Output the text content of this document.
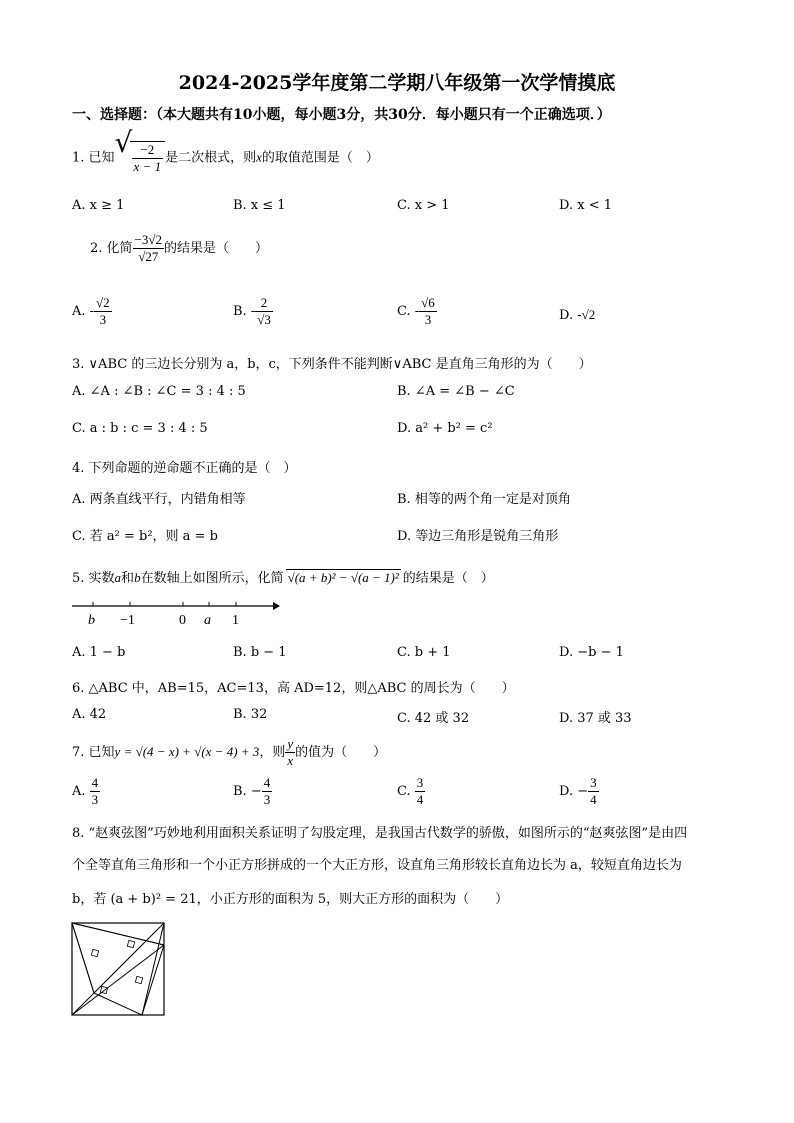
2024-2025学年度第二学期八年级第一次学情摸底
一、选择题：（本大题共有10小题，每小题3分，共30分．每小题只有一个正确选项．）
1. 已知 √ $\frac{-2}{x - 1}$ 是二次根式，则x的取值范围是（　）
A. x ≥ 1	B. x ≤ 1	C. x > 1	D. x < 1
2. 化简 $\frac{-3√2}{√27}$ 的结果是（　　）
A. - $\frac{√2}{3}$	B. - $\frac{2}{√3}$	C. - $\frac{√6}{3}$	D. -√2
3. ∨ABC 的三边长分别为 a，b，c，下列条件不能判断∨ABC 是直角三角形的为（　　）
A. ∠A : ∠B : ∠C = 3 : 4 : 5	B. ∠A = ∠B − ∠C
C. a : b : c = 3 : 4 : 5	D. a² + b² = c²
4. 下列命题的逆命题不正确的是（　）
A. 两条直线平行，内错角相等	B. 相等的两个角一定是对顶角
C. 若 a² = b²，则 a = b	D. 等边三角形是锐角三角形
5. 实数a和b在数轴上如图所示，化简 √(a + b)² − √(a − 1)² 的结果是（　）
b −1	0 a 1
A. 1 − b	B. b − 1	C. b + 1	D. −b − 1
6. △ABC 中，AB=15，AC=13，高 AD=12，则△ABC 的周长为（　　）
A. 42	B. 32	C. 42 或 32	D. 37 或 33
7. 已知y = √(4 − x) + √(x − 4) + 3，则 $\frac{y}{x}$ 的值为（　　）
A. $\frac{4}{3}$	B. − $\frac{4}{3}$	C. $\frac{3}{4}$	D. − $\frac{3}{4}$
8. “赵爽弦图”巧妙地利用面积关系证明了勾股定理，是我国古代数学的骄傲，如图所示的“赵爽弦图”是由四
个全等直角三角形和一个小正方形拼成的一个大正方形，设直角三角形较长直角边长为 a，较短直角边长为
b，若 (a + b)² = 21，小正方形的面积为 5，则大正方形的面积为（　　）
